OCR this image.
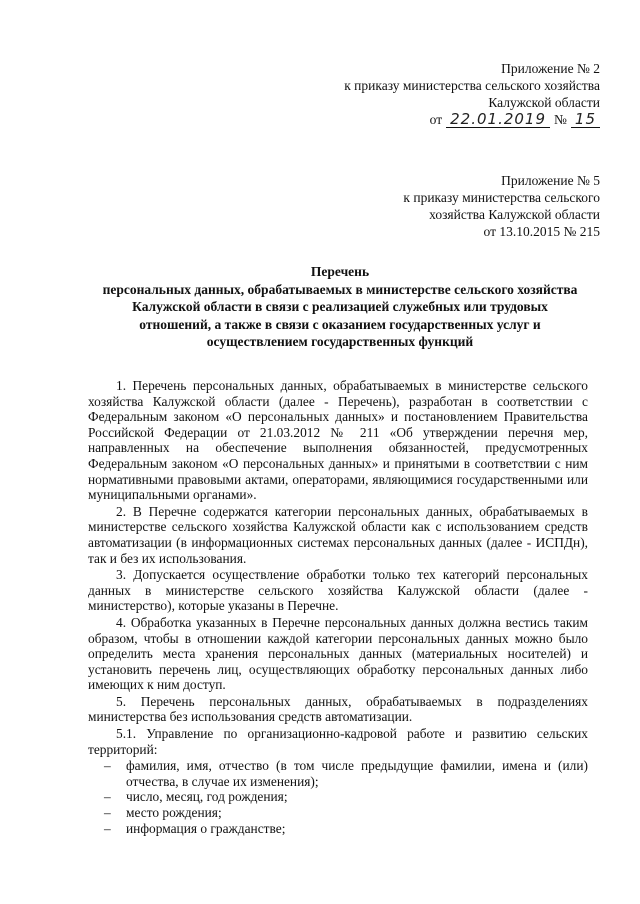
Приложение № 2
к приказу министерства сельского хозяйства
Калужской области
от 22.01.2019 № 15
Приложение № 5
к приказу министерства сельского
хозяйства Калужской области
от 13.10.2015 № 215
Перечень
персональных данных, обрабатываемых в министерстве сельского хозяйства
Калужской области в связи с реализацией служебных или трудовых
отношений, а также в связи с оказанием государственных услуг и
осуществлением государственных функций

1. Перечень персональных данных, обрабатываемых в министерстве сельского хозяйства Калужской области (далее - Перечень), разработан в соответствии с Федеральным законом «О персональных данных» и постановлением Правительства Российской Федерации от 21.03.2012 № 211 «Об утверждении перечня мер, направленных на обеспечение выполнения обязанностей, предусмотренных Федеральным законом «О персональных данных» и принятыми в соответствии с ним нормативными правовыми актами, операторами, являющимися государственными или муниципальными органами».

2. В Перечне содержатся категории персональных данных, обрабатываемых в министерстве сельского хозяйства Калужской области как с использованием средств автоматизации (в информационных системах персональных данных (далее - ИСПДн), так и без их использования.

3. Допускается осуществление обработки только тех категорий персональных данных в министерстве сельского хозяйства Калужской области (далее - министерство), которые указаны в Перечне.

4. Обработка указанных в Перечне персональных данных должна вестись таким образом, чтобы в отношении каждой категории персональных данных можно было определить места хранения персональных данных (материальных носителей) и установить перечень лиц, осуществляющих обработку персональных данных либо имеющих к ним доступ.

5. Перечень персональных данных, обрабатываемых в подразделениях министерства без использования средств автоматизации.

5.1. Управление по организационно-кадровой работе и развитию сельских территорий:

– фамилия, имя, отчество (в том числе предыдущие фамилии, имена и (или) отчества, в случае их изменения);
– число, месяц, год рождения;
– место рождения;
– информация о гражданстве;
